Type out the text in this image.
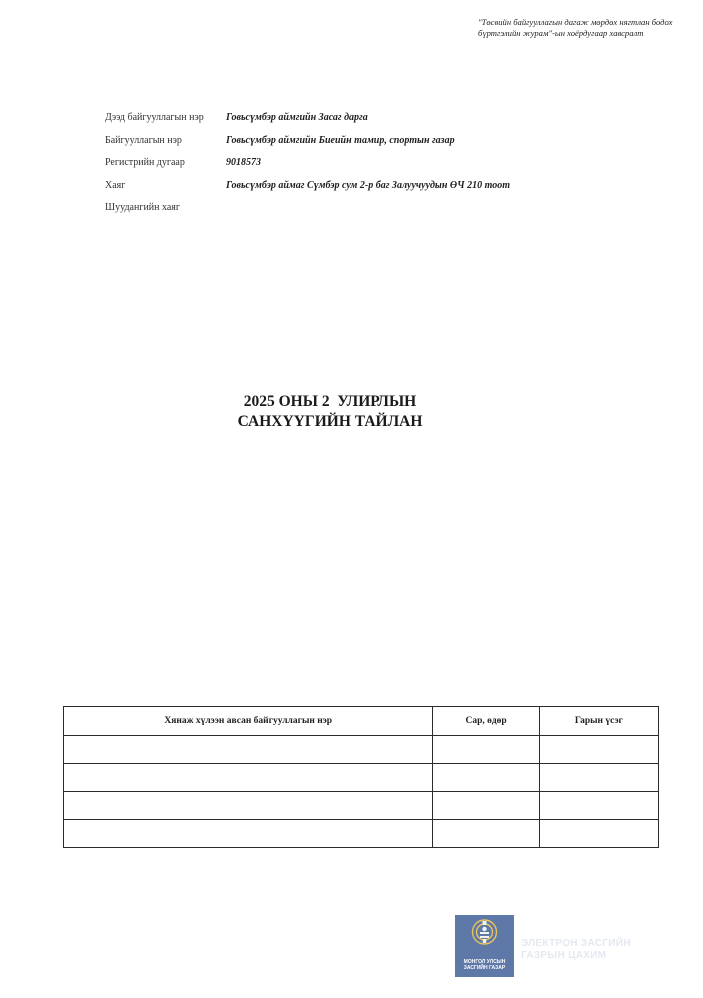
"Төсвийн байгууллагын дагаж мөрдөх нягтлан бодох бүртгэлийн журам"-ын хоёрдугаар хавсралт
Дээд байгууллагын нэр Говьсүмбэр аймгийн Засаг дарга
Байгууллагын нэр	Говьсүмбэр аймгийн Биеийн тамир, спортын газар
Регистрийн дугаар	9018573
Хаяг	Говьсүмбэр аймаг Сүмбэр сум 2-р баг Залуучуудын ӨЧ 210 тоот
Шуудангийн хаяг
2025 ОНЫ 2  УЛИРЛЫН
САНХҮҮГИЙН ТАЙЛАН
Хянаж хүлээн авсан байгууллагын нэр	Сар, өдөр	Гарын үсэг

МОНГОЛ УЛСЫН
ЗАСГИЙН ГАЗАР
ЭЛЕКТРОН ЗАСГИЙН
ГАЗРЫН ЦАХИМ
